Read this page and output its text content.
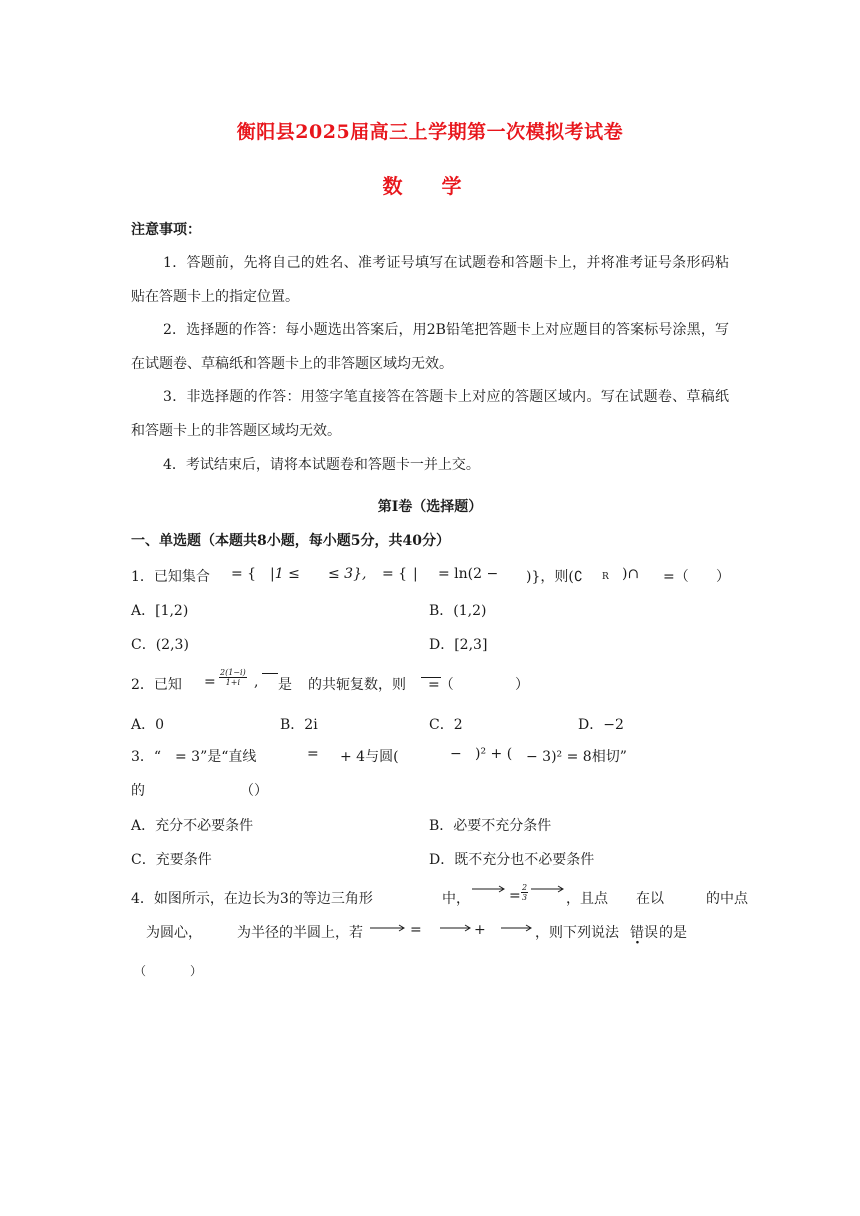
衡阳县2025届高三上学期第一次模拟考试卷
数 学
注意事项：
1．答题前，先将自己的姓名、准考证号填写在试题卷和答题卡上，并将准考证号条形码粘贴在答题卡上的指定位置。
2．选择题的作答：每小题选出答案后，用2B铅笔把答题卡上对应题目的答案标号涂黑，写在试题卷、草稿纸和答题卡上的非答题区域均无效。
3．非选择题的作答：用签字笔直接答在答题卡上对应的答题区域内。写在试题卷、草稿纸和答题卡上的非答题区域均无效。
4．考试结束后，请将本试题卷和答题卡一并上交。
第Ⅰ卷（选择题）
一、单选题（本题共8小题，每小题5分，共40分）
1．已知集合 = { |1 ≤ ≤ 3}, = { | = ln(2 − )}，则(∁ R )∩ =（ ）
A．[1,2)	B．(1,2)
C．(2,3)	D．[2,3]
2．已知 = $\frac{2(1-i)}{1+i}$ , 是 的共轭复数，则 =（	）
A．0	B．2i	C．2	D．−2
3．“ = 3”是“直线	= + 4与圆(	− )² + ( − 3)² = 8相切”
的	（ ）
A．充分不必要条件	B．必要不充分条件
C．充要条件	D．既不充分也不必要条件
4．如图所示，在边长为3的等边三角形	中，	= $\frac{2}{3}$	，且点 在以	的中点
为圆心，	为半径的半圆上，若	=	+	，则下列说法 错误 的是
（	）
